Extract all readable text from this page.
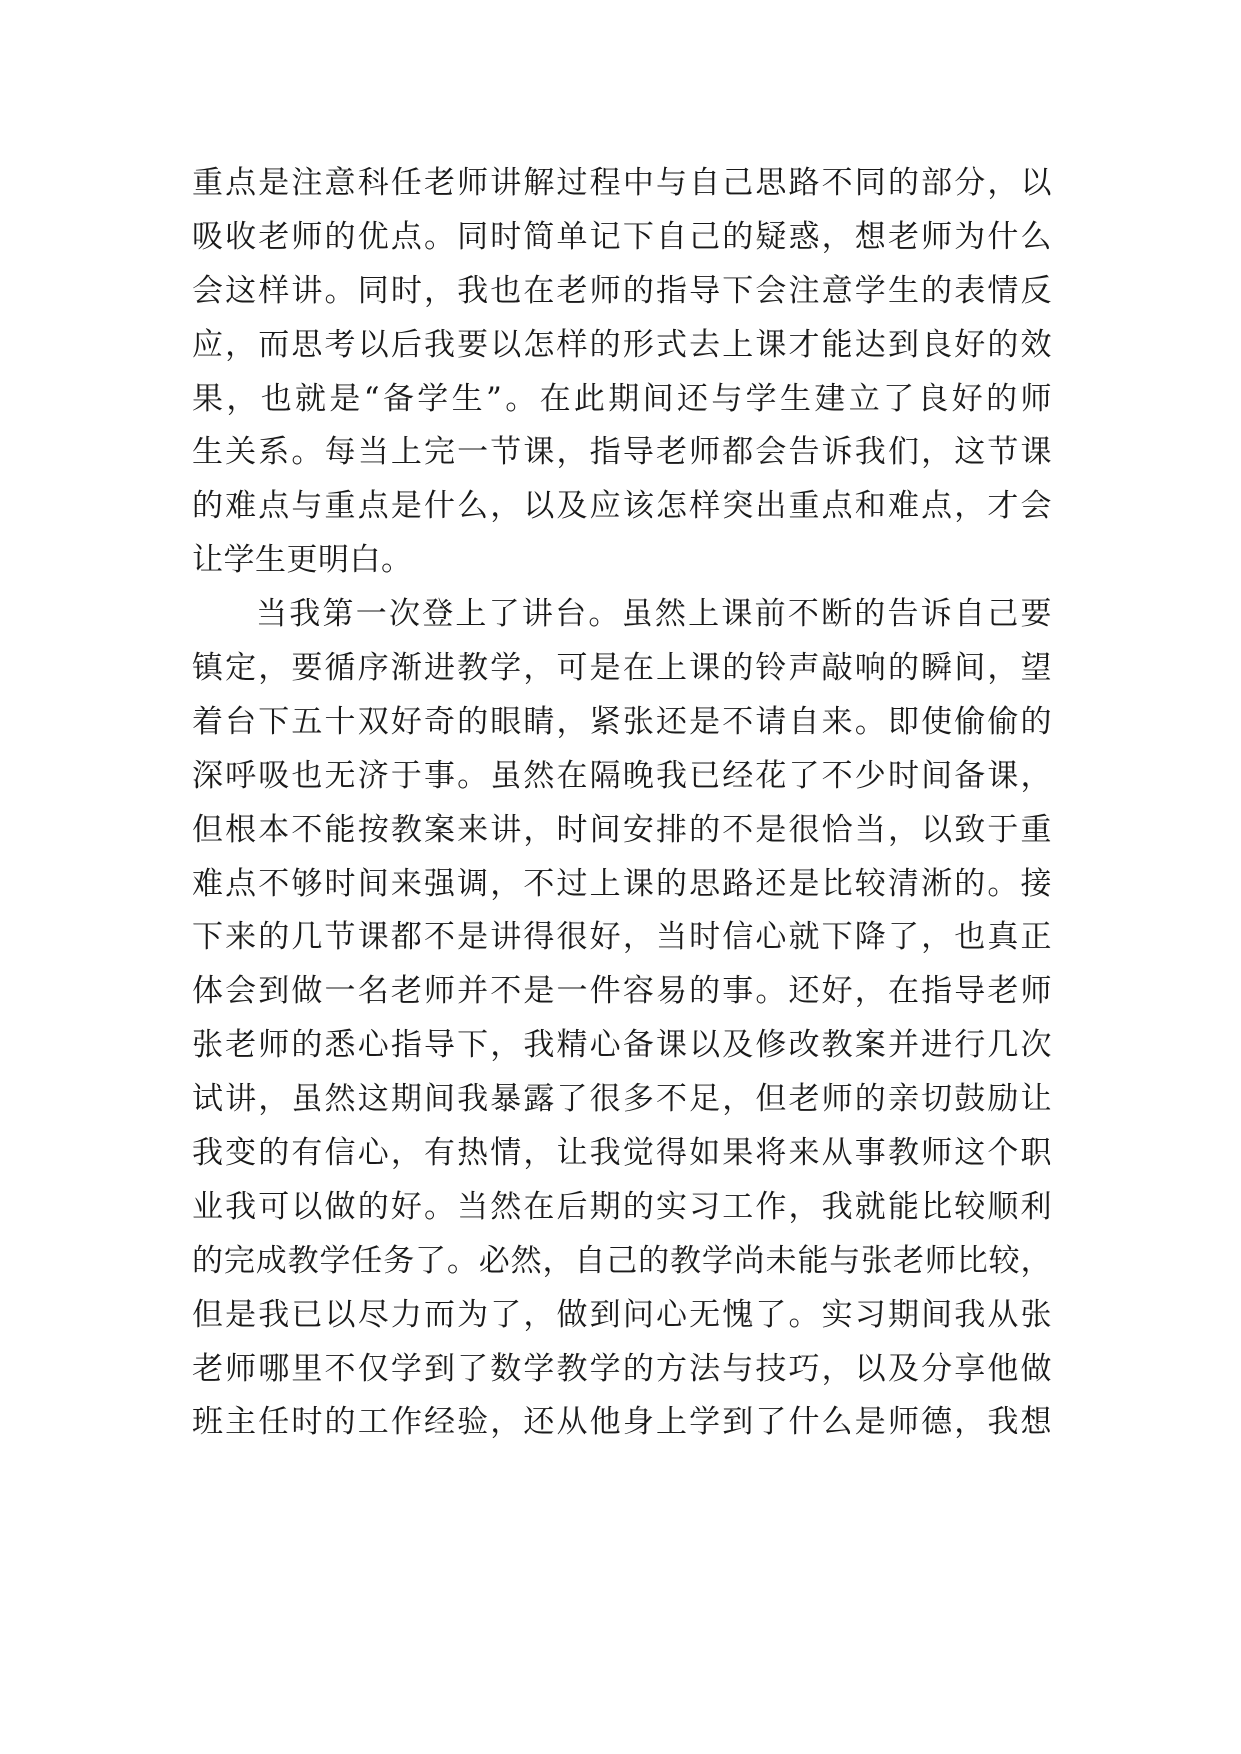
重点是注意科任老师讲解过程中与自己思路不同的部分，以
吸收老师的优点。同时简单记下自己的疑惑，想老师为什么
会这样讲。同时，我也在老师的指导下会注意学生的表情反
应，而思考以后我要以怎样的形式去上课才能达到良好的效
果，也就是“备学生”。在此期间还与学生建立了良好的师
生关系。每当上完一节课，指导老师都会告诉我们，这节课
的难点与重点是什么，以及应该怎样突出重点和难点，才会
让学生更明白。
当我第一次登上了讲台。虽然上课前不断的告诉自己要
镇定，要循序渐进教学，可是在上课的铃声敲响的瞬间，望
着台下五十双好奇的眼睛，紧张还是不请自来。即使偷偷的
深呼吸也无济于事。虽然在隔晚我已经花了不少时间备课，
但根本不能按教案来讲，时间安排的不是很恰当，以致于重
难点不够时间来强调，不过上课的思路还是比较清淅的。接
下来的几节课都不是讲得很好，当时信心就下降了，也真正
体会到做一名老师并不是一件容易的事。还好，在指导老师
张老师的悉心指导下，我精心备课以及修改教案并进行几次
试讲，虽然这期间我暴露了很多不足，但老师的亲切鼓励让
我变的有信心，有热情，让我觉得如果将来从事教师这个职
业我可以做的好。当然在后期的实习工作，我就能比较顺利
的完成教学任务了。必然，自己的教学尚未能与张老师比较，
但是我已以尽力而为了，做到问心无愧了。实习期间我从张
老师哪里不仅学到了数学教学的方法与技巧，以及分享他做
班主任时的工作经验，还从他身上学到了什么是师德，我想
